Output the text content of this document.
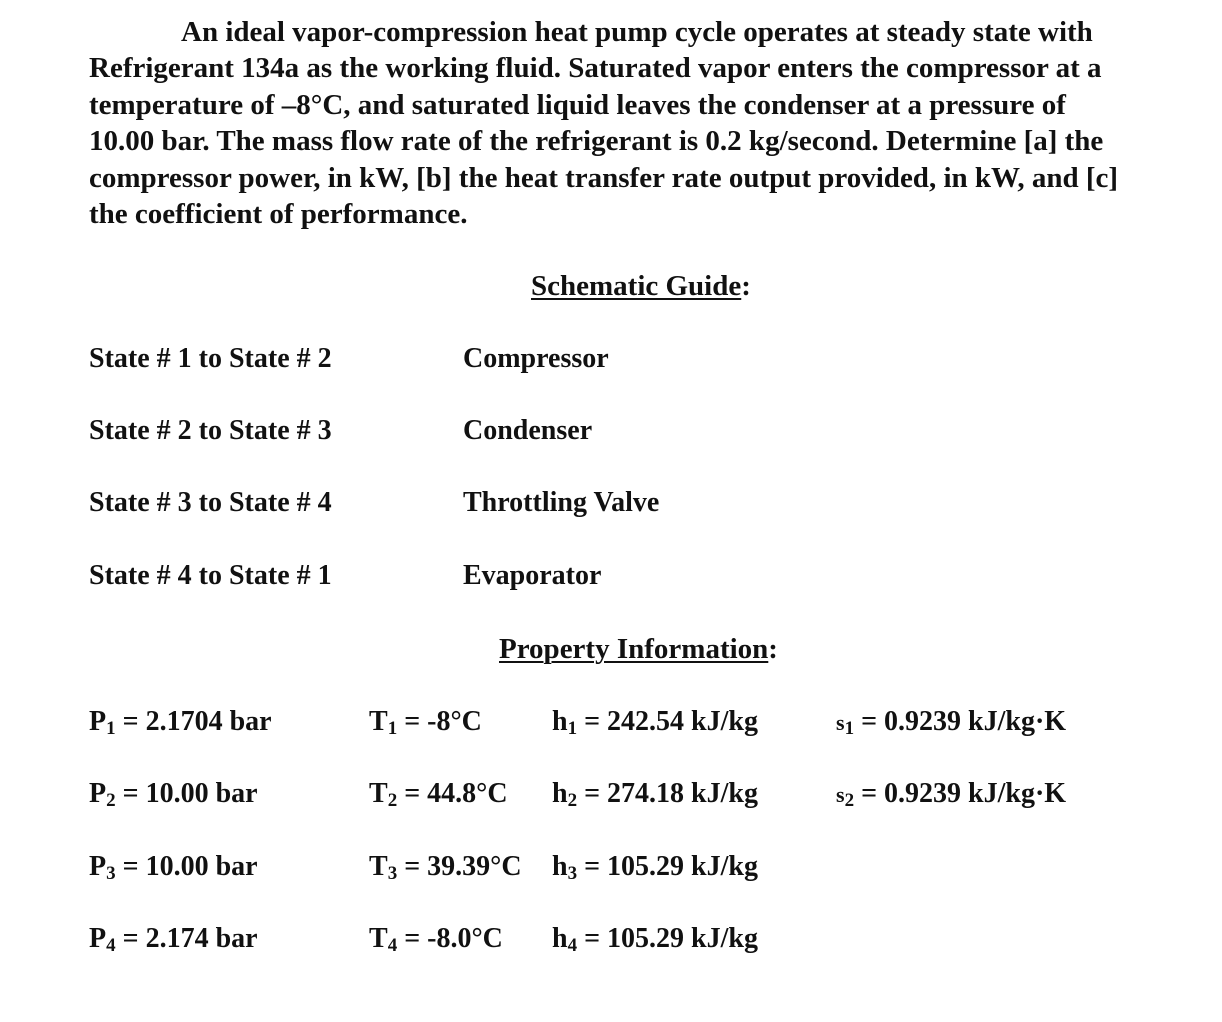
An ideal vapor-compression heat pump cycle operates at steady state with
Refrigerant 134a as the working fluid. Saturated vapor enters the compressor at a
temperature of –8°C, and saturated liquid leaves the condenser at a pressure of
10.00 bar. The mass flow rate of the refrigerant is 0.2 kg/second. Determine [a] the
compressor power, in kW, [b] the heat transfer rate output provided, in kW, and [c]
the coefficient of performance.
Schematic Guide:
State # 1 to State # 2	Compressor
State # 2 to State # 3	Condenser
State # 3 to State # 4	Throttling Valve
State # 4 to State # 1	Evaporator
Property Information:
$P_1 = 2.1704$ bar	$T_1 = -8^\circ C$	$h_1 = 242.54$ kJ/kg	$s_1 = 0.9239$ kJ/kg·K
$P_2 = 10.00$ bar	$T_2 = 44.8^\circ C$ $h_2 = 274.18$ kJ/kg	$s_2 = 0.9239$ kJ/kg·K
$P_3 = 10.00$ bar	$T_3 = 39.39^\circ C$ $h_3 = 105.29$ kJ/kg
$P_4 = 2.174$ bar	$T_4 = -8.0^\circ C$ $h_4 = 105.29$ kJ/kg
